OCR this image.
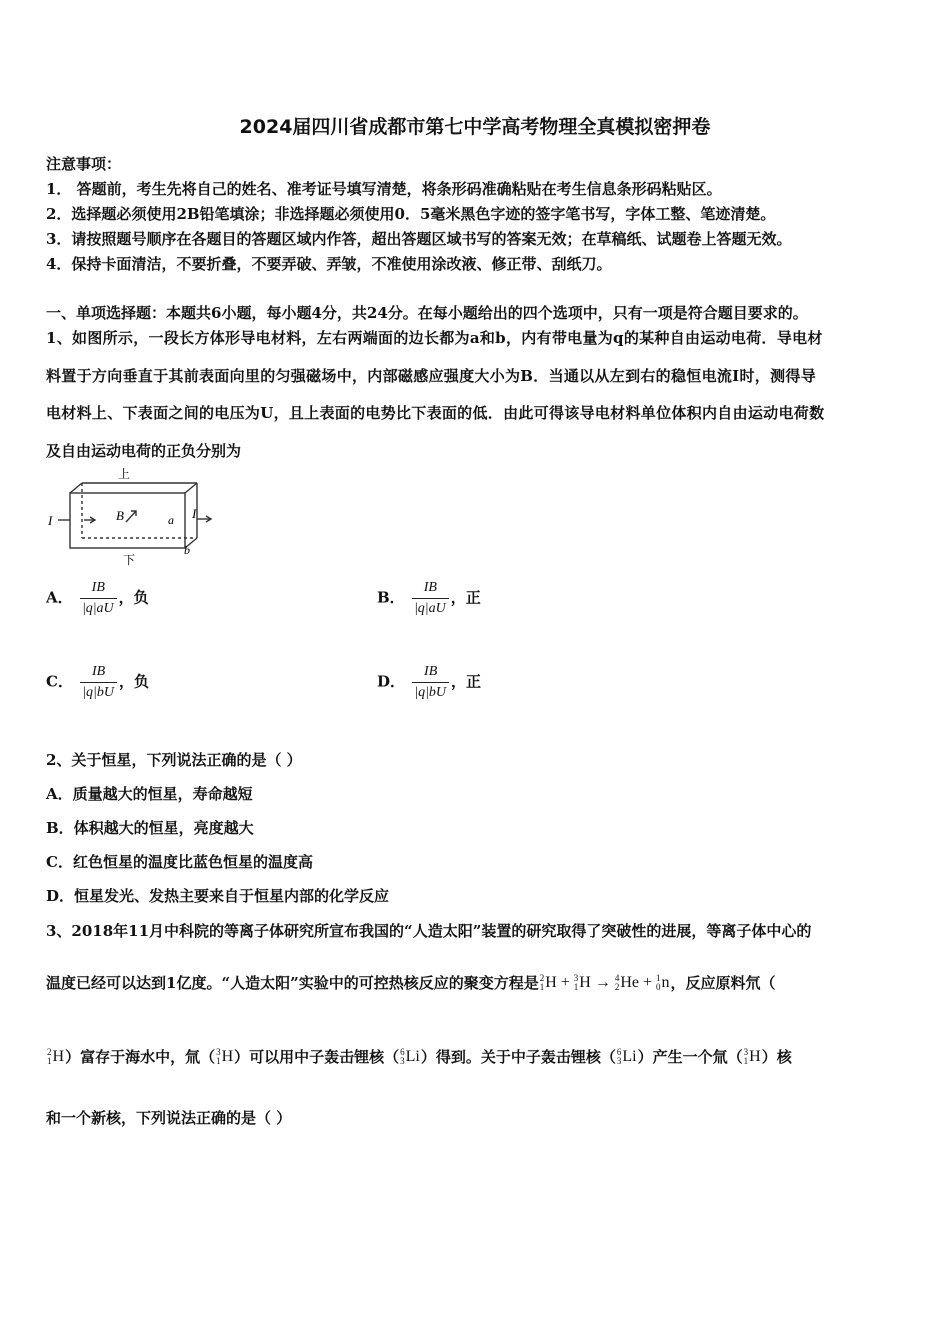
2024届四川省成都市第七中学高考物理全真模拟密押卷
注意事项：
1． 答题前，考生先将自己的姓名、准考证号填写清楚，将条形码准确粘贴在考生信息条形码粘贴区。
2．选择题必须使用2B铅笔填涂；非选择题必须使用0．5毫米黑色字迹的签字笔书写，字体工整、笔迹清楚。
3．请按照题号顺序在各题目的答题区域内作答，超出答题区域书写的答案无效；在草稿纸、试题卷上答题无效。
4．保持卡面清洁，不要折叠，不要弄破、弄皱，不准使用涂改液、修正带、刮纸刀。
一、单项选择题：本题共6小题，每小题4分，共24分。在每小题给出的四个选项中，只有一项是符合题目要求的。
1、如图所示，一段长方体形导电材料，左右两端面的边长都为a和b，内有带电量为q的某种自由运动电荷．导电材
料置于方向垂直于其前表面向里的匀强磁场中，内部磁感应强度大小为B．当通以从左到右的稳恒电流I时，测得导
电材料上、下表面之间的电压为U，且上表面的电势比下表面的低．由此可得该导电材料单位体积内自由运动电荷数
及自由运动电荷的正负分别为
上
下
I	I
B	a
b
A． $\frac{IB}{|q|aU}$ ，负	B． $\frac{IB}{|q|aU}$ ，正
C． $\frac{IB}{|q|bU}$ ，负	D． $\frac{IB}{|q|bU}$ ，正
2、关于恒星，下列说法正确的是（ ）
A．质量越大的恒星，寿命越短
B．体积越大的恒星，亮度越大
C．红色恒星的温度比蓝色恒星的温度高
D．恒星发光、发热主要来自于恒星内部的化学反应
3、2018年11月中科院的等离子体研究所宣布我国的“人造太阳”装置的研究取得了突破性的进展，等离子体中心的
温度已经可以达到1亿度。“人造太阳”实验中的可控热核反应的聚变方程是 2
1 H + 3
1 H → 4
2 He + 1
0 n ，反应原料氘（
2
1 H ）富存于海水中，氚（ 3
1 H ）可以用中子轰击锂核（ 6
3 Li ）得到。关于中子轰击锂核（ 6
3 Li ）产生一个氚（ 3
1 H ）核
和一个新核，下列说法正确的是（ ）
